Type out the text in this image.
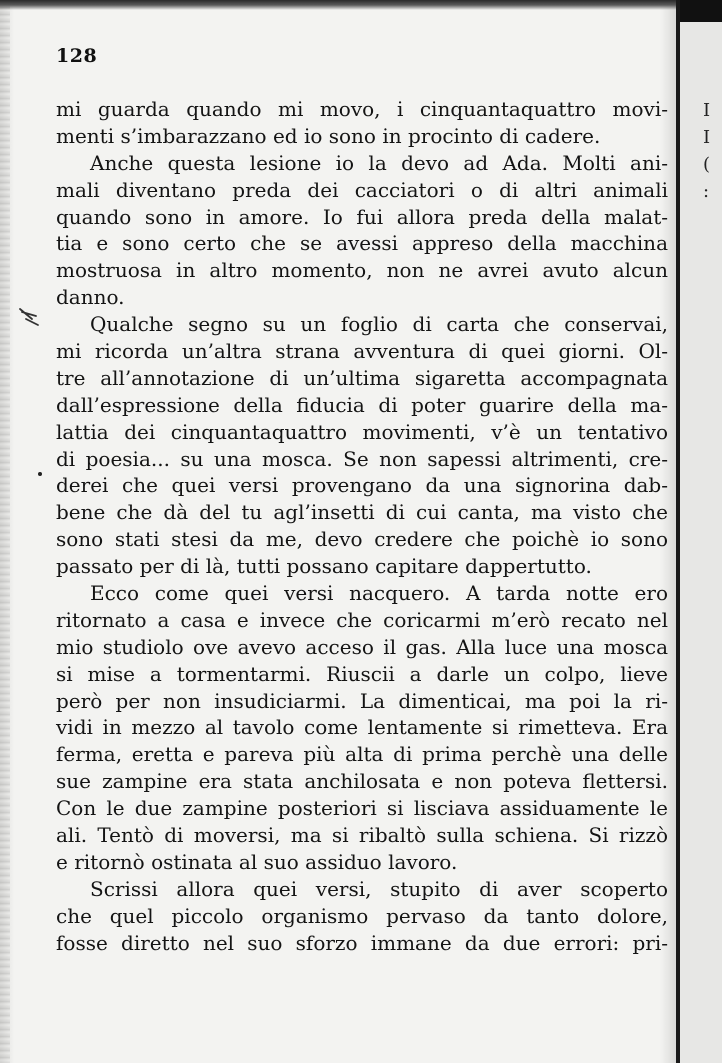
I
I
(
:
128
mi guarda quando mi movo, i cinquantaquattro movi-
menti s’imbarazzano ed io sono in procinto di cadere.
Anche questa lesione io la devo ad Ada. Molti ani-
mali diventano preda dei cacciatori o di altri animali
quando sono in amore. Io fui allora preda della malat-
tia e sono certo che se avessi appreso della macchina
mostruosa in altro momento, non ne avrei avuto alcun
danno.
Qualche segno su un foglio di carta che conservai,
mi ricorda un’altra strana avventura di quei giorni. Ol-
tre all’annotazione di un’ultima sigaretta accompagnata
dall’espressione della fiducia di poter guarire della ma-
lattia dei cinquantaquattro movimenti, v’è un tentativo
di poesia... su una mosca. Se non sapessi altrimenti, cre-
derei che quei versi provengano da una signorina dab-
bene che dà del tu agl’insetti di cui canta, ma visto che
sono stati stesi da me, devo credere che poichè io sono
passato per di là, tutti possano capitare dappertutto.
Ecco come quei versi nacquero. A tarda notte ero
ritornato a casa e invece che coricarmi m’erò recato nel
mio studiolo ove avevo acceso il gas. Alla luce una mosca
si mise a tormentarmi. Riuscii a darle un colpo, lieve
però per non insudiciarmi. La dimenticai, ma poi la ri-
vidi in mezzo al tavolo come lentamente si rimetteva. Era
ferma, eretta e pareva più alta di prima perchè una delle
sue zampine era stata anchilosata e non poteva flettersi.
Con le due zampine posteriori si lisciava assiduamente le
ali. Tentò di moversi, ma si ribaltò sulla schiena. Si rizzò
e ritornò ostinata al suo assiduo lavoro.
Scrissi allora quei versi, stupito di aver scoperto
che quel piccolo organismo pervaso da tanto dolore,
fosse diretto nel suo sforzo immane da due errori: pri-
